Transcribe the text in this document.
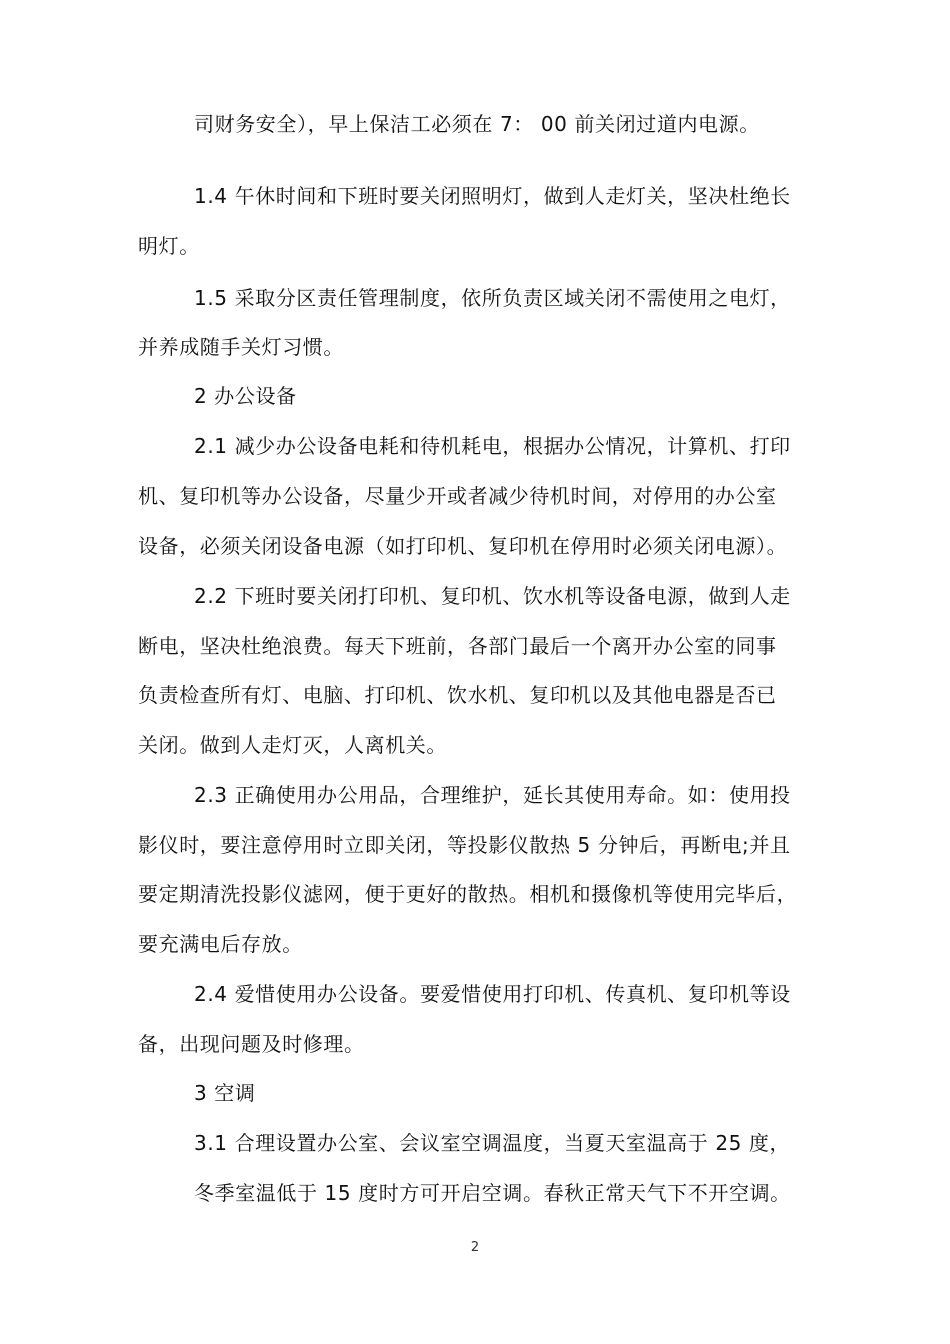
司财务安全），早上保洁工必须在 7： 00 前关闭过道内电源。
1.4 午休时间和下班时要关闭照明灯，做到人走灯关，坚决杜绝长
明灯。
1.5 采取分区责任管理制度，依所负责区域关闭不需使用之电灯，
并养成随手关灯习惯。
2 办公设备
2.1 减少办公设备电耗和待机耗电，根据办公情况，计算机、打印
机、复印机等办公设备，尽量少开或者减少待机时间，对停用的办公室
设备，必须关闭设备电源（如打印机、复印机在停用时必须关闭电源）。
2.2 下班时要关闭打印机、复印机、饮水机等设备电源，做到人走
断电，坚决杜绝浪费。每天下班前，各部门最后一个离开办公室的同事
负责检查所有灯、电脑、打印机、饮水机、复印机以及其他电器是否已
关闭。做到人走灯灭，人离机关。
2.3 正确使用办公用品，合理维护，延长其使用寿命。如：使用投
影仪时，要注意停用时立即关闭，等投影仪散热 5 分钟后，再断电;并且
要定期清洗投影仪滤网，便于更好的散热。相机和摄像机等使用完毕后，
要充满电后存放。
2.4 爱惜使用办公设备。要爱惜使用打印机、传真机、复印机等设
备，出现问题及时修理。
3 空调
3.1 合理设置办公室、会议室空调温度，当夏天室温高于 25 度，
冬季室温低于 15 度时方可开启空调。春秋正常天气下不开空调。
2
